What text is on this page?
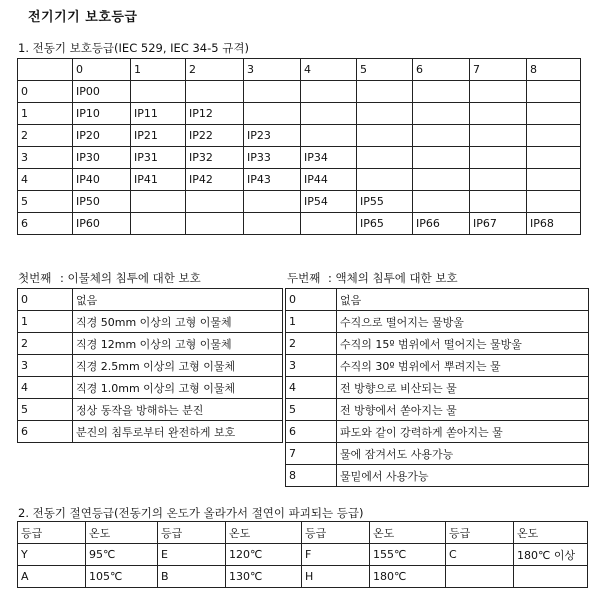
전기기기 보호등급
1. 전동기 보호등급(IEC 529, IEC 34-5 규격)
	0	1	2	3	4	5	6	7	8
0	IP00								
1	IP10	IP11	IP12						
2	IP20	IP21	IP22	IP23					
3	IP30	IP31	IP32	IP33	IP34				
4	IP40	IP41	IP42	IP43	IP44				
5	IP50				IP54	IP55			
6	IP60					IP65	IP66	IP67	IP68
첫번째 : 이물체의 침투에 대한 보호
0	없음
1	직경 50mm 이상의 고형 이물체
2	직경 12mm 이상의 고형 이물체
3	직경 2.5mm 이상의 고형 이물체
4	직경 1.0mm 이상의 고형 이물체
5	정상 동작을 방해하는 분진
6	분진의 침투로부터 완전하게 보호
두번째 : 액체의 침투에 대한 보호
0	없음
1	수직으로 떨어지는 물방울
2	수직의 15º 범위에서 떨어지는 물방울
3	수직의 30º 범위에서 뿌려지는 물
4	전 방향으로 비산되는 물
5	전 방향에서 쏟아지는 물
6	파도와 같이 강력하게 쏟아지는 물
7	물에 잠겨서도 사용가능
8	물밑에서 사용가능
2. 전동기 절연등급(전동기의 온도가 올라가서 절연이 파괴되는 등급)
등급	온도	등급	온도	등급	온도	등급	온도
Y	95℃	E	120℃	F	155℃	C	180℃ 이상
A	105℃	B	130℃	H	180℃		
